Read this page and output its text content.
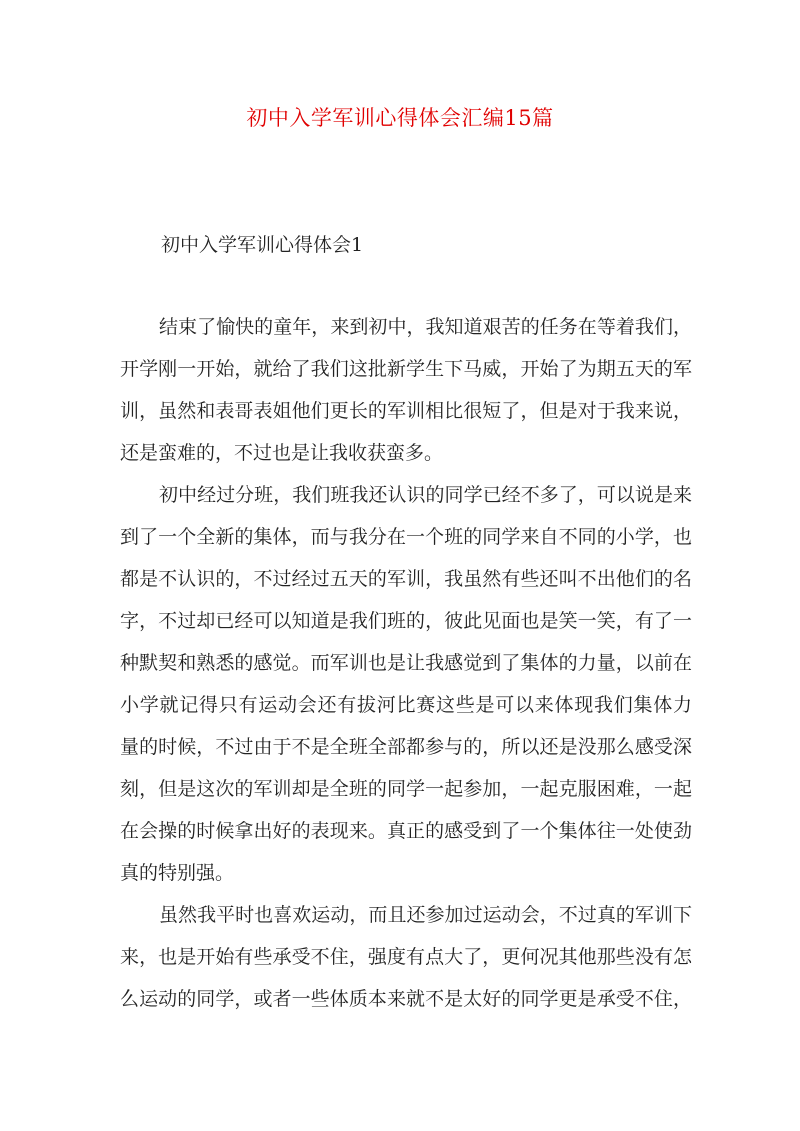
初中入学军训心得体会汇编15篇
初中入学军训心得体会1
结束了愉快的童年，来到初中，我知道艰苦的任务在等着我们，
开学刚一开始，就给了我们这批新学生下马威，开始了为期五天的军
训，虽然和表哥表姐他们更长的军训相比很短了，但是对于我来说，
还是蛮难的，不过也是让我收获蛮多。
初中经过分班，我们班我还认识的同学已经不多了，可以说是来
到了一个全新的集体，而与我分在一个班的同学来自不同的小学，也
都是不认识的，不过经过五天的军训，我虽然有些还叫不出他们的名
字，不过却已经可以知道是我们班的，彼此见面也是笑一笑，有了一
种默契和熟悉的感觉。而军训也是让我感觉到了集体的力量，以前在
小学就记得只有运动会还有拔河比赛这些是可以来体现我们集体力
量的时候，不过由于不是全班全部都参与的，所以还是没那么感受深
刻，但是这次的军训却是全班的同学一起参加，一起克服困难，一起
在会操的时候拿出好的表现来。真正的感受到了一个集体往一处使劲
真的特别强。
虽然我平时也喜欢运动，而且还参加过运动会，不过真的军训下
来，也是开始有些承受不住，强度有点大了，更何况其他那些没有怎
么运动的同学，或者一些体质本来就不是太好的同学更是承受不住，
